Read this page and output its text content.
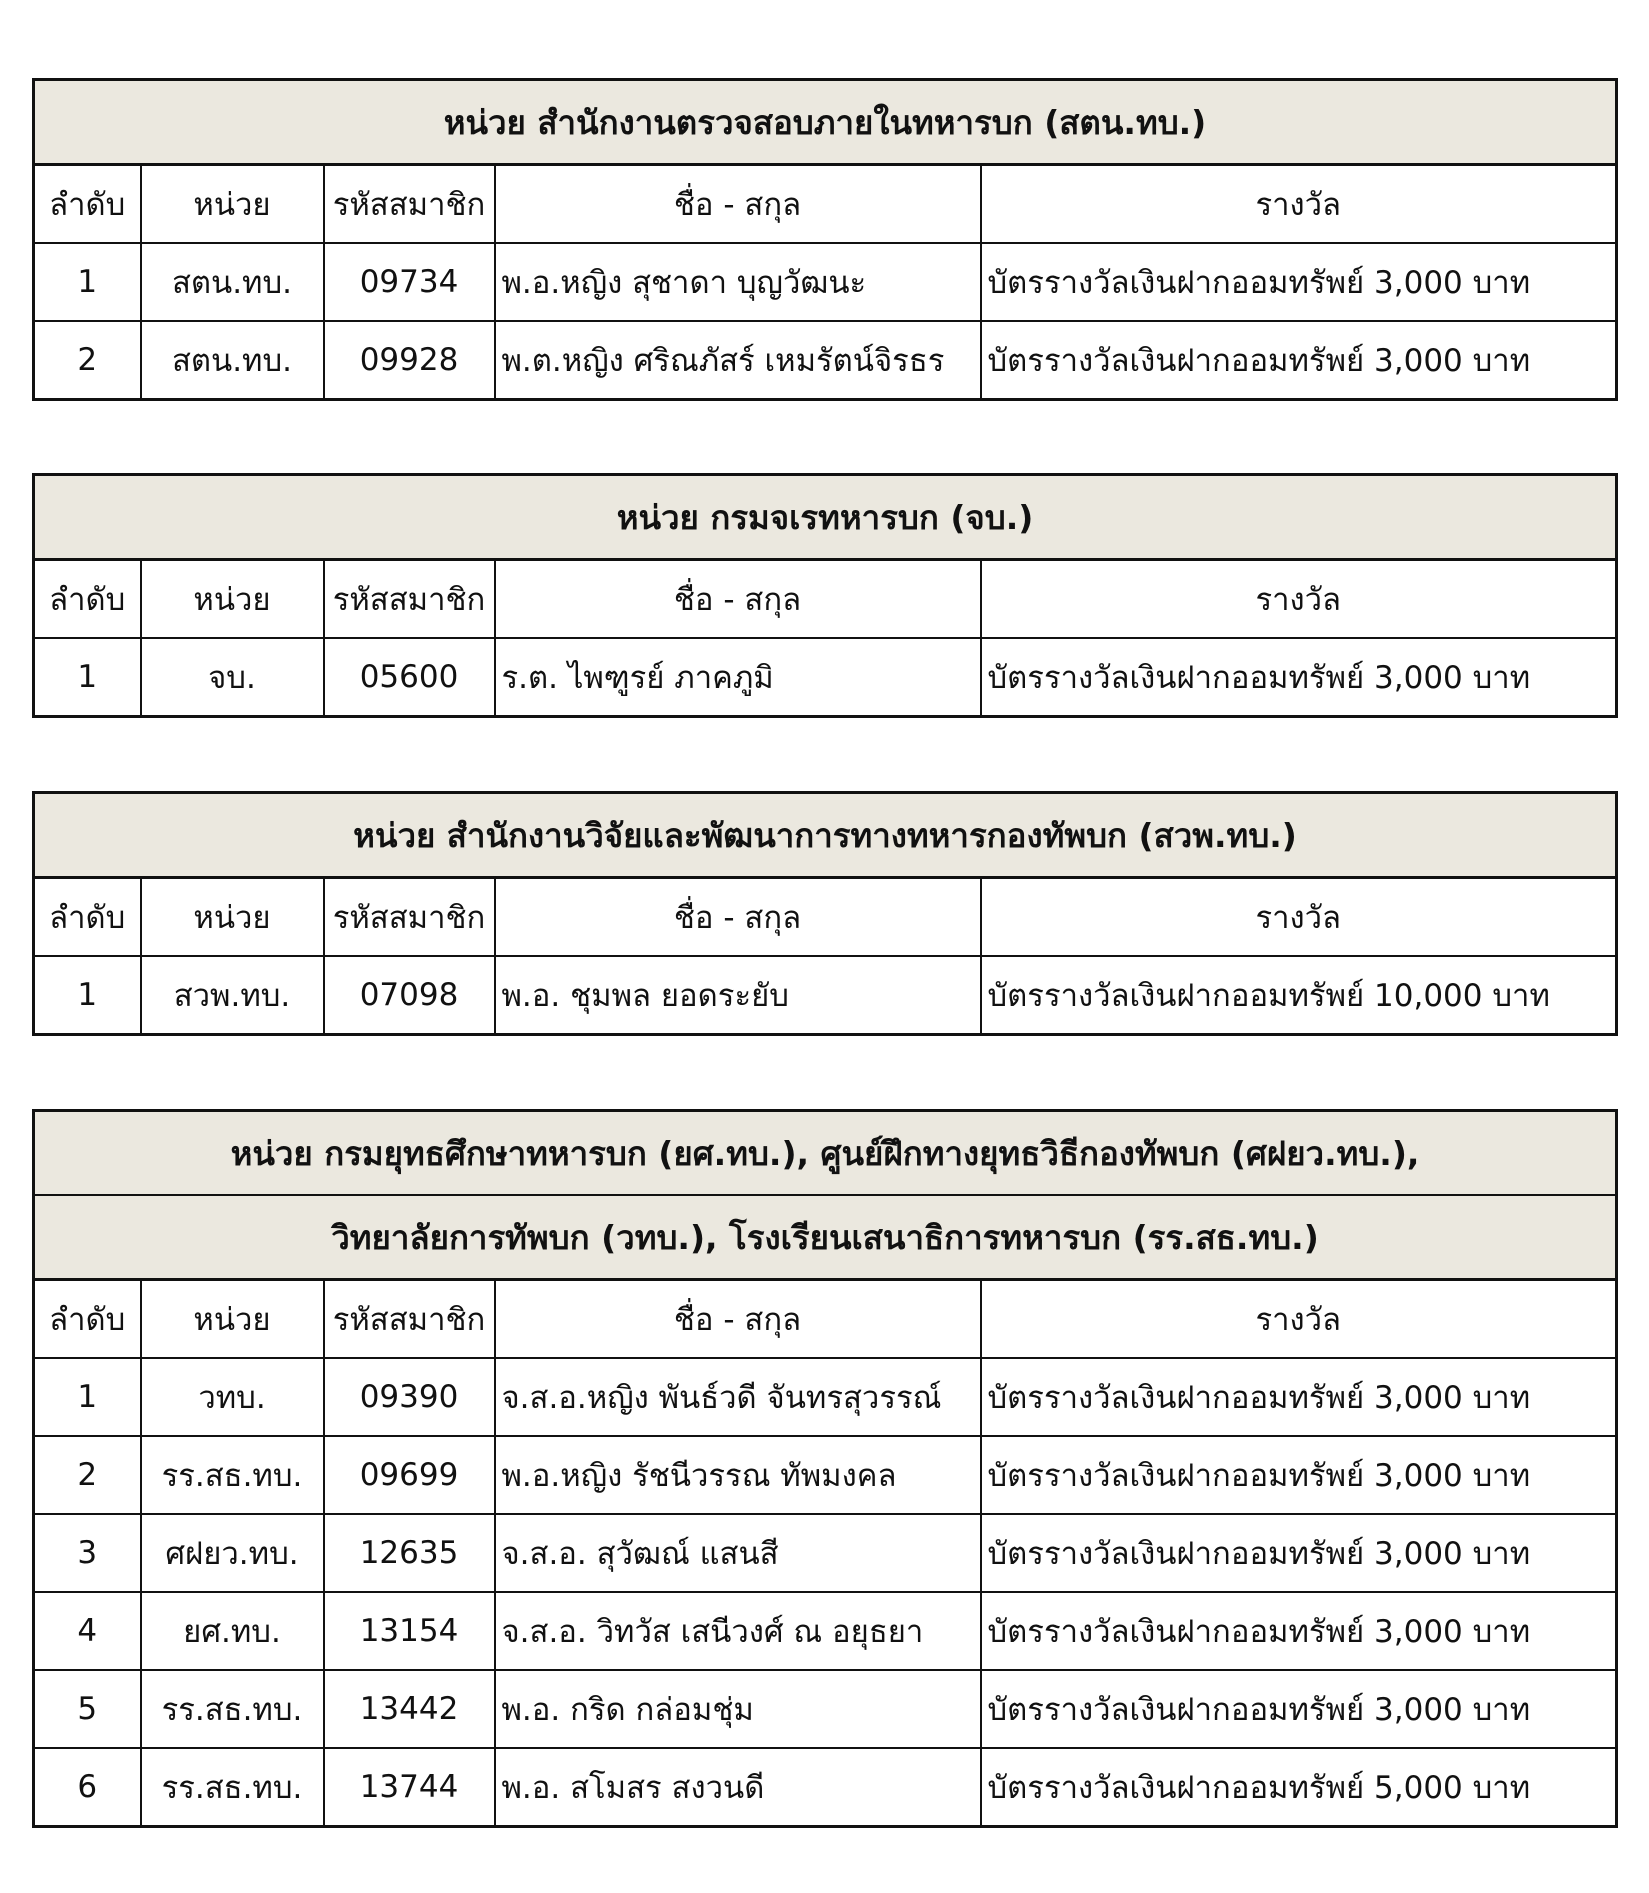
หน่วย สำนักงานตรวจสอบภายในทหารบก (สตน.ทบ.)				
ลำดับ	หน่วย	รหัสสมาชิก	ชื่อ - สกุล	รางวัล
1	สตน.ทบ.	09734	พ.อ.หญิง สุชาดา บุญวัฒนะ	บัตรรางวัลเงินฝากออมทรัพย์ 3,000 บาท
2	สตน.ทบ.	09928	พ.ต.หญิง ศริณภัสร์ เหมรัตน์จิรธร	บัตรรางวัลเงินฝากออมทรัพย์ 3,000 บาท
หน่วย กรมจเรทหารบก (จบ.)				
ลำดับ	หน่วย	รหัสสมาชิก	ชื่อ - สกุล	รางวัล
1	จบ.	05600	ร.ต. ไพฑูรย์ ภาคภูมิ	บัตรรางวัลเงินฝากออมทรัพย์ 3,000 บาท
หน่วย สำนักงานวิจัยและพัฒนาการทางทหารกองทัพบก (สวพ.ทบ.)				
ลำดับ	หน่วย	รหัสสมาชิก	ชื่อ - สกุล	รางวัล
1	สวพ.ทบ.	07098	พ.อ. ชุมพล ยอดระยับ	บัตรรางวัลเงินฝากออมทรัพย์ 10,000 บาท
หน่วย กรมยุทธศึกษาทหารบก (ยศ.ทบ.), ศูนย์ฝึกทางยุทธวิธีกองทัพบก (ศฝยว.ทบ.),				
วิทยาลัยการทัพบก (วทบ.), โรงเรียนเสนาธิการทหารบก (รร.สธ.ทบ.)				
ลำดับ	หน่วย	รหัสสมาชิก	ชื่อ - สกุล	รางวัล
1	วทบ.	09390	จ.ส.อ.หญิง พันธ์วดี จันทรสุวรรณ์	บัตรรางวัลเงินฝากออมทรัพย์ 3,000 บาท
2	รร.สธ.ทบ.	09699	พ.อ.หญิง รัชนีวรรณ ทัพมงคล	บัตรรางวัลเงินฝากออมทรัพย์ 3,000 บาท
3	ศฝยว.ทบ.	12635	จ.ส.อ. สุวัฒณ์ แสนสี	บัตรรางวัลเงินฝากออมทรัพย์ 3,000 บาท
4	ยศ.ทบ.	13154	จ.ส.อ. วิทวัส เสนีวงศ์ ณ อยุธยา	บัตรรางวัลเงินฝากออมทรัพย์ 3,000 บาท
5	รร.สธ.ทบ.	13442	พ.อ. กริด กล่อมชุ่ม	บัตรรางวัลเงินฝากออมทรัพย์ 3,000 บาท
6	รร.สธ.ทบ.	13744	พ.อ. สโมสร สงวนดี	บัตรรางวัลเงินฝากออมทรัพย์ 5,000 บาท
